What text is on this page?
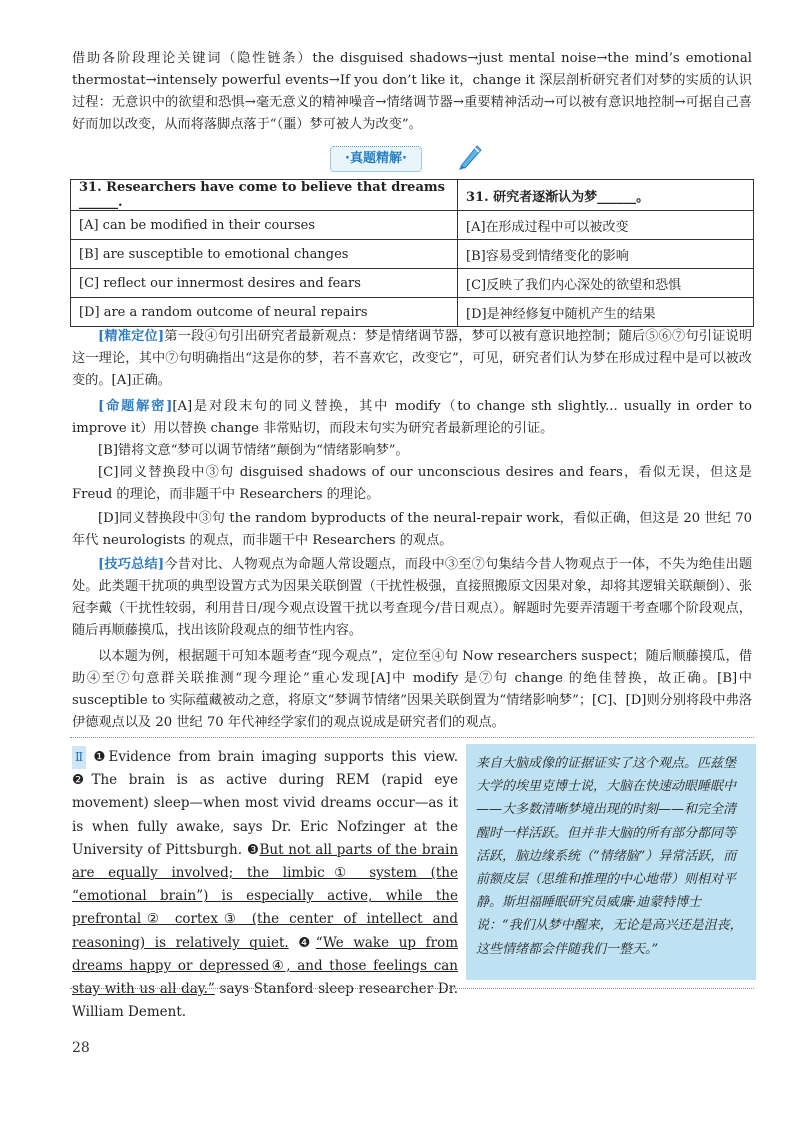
借助各阶段理论关键词（隐性链条）the disguised shadows→just mental noise→the mind’s emotional thermostat→intensely powerful events→If you don’t like it，change it 深层剖析研究者们对梦的实质的认识过程：无意识中的欲望和恐惧→毫无意义的精神噪音→情绪调节器→重要精神活动→可以被有意识地控制→可据自己喜好而加以改变，从而将落脚点落于“（噩）梦可被人为改变”。

·真题精解·
31. Researchers have come to believe that dreams ______.	31. 研究者逐渐认为梦______。
[A] can be modified in their courses	[A]在形成过程中可以被改变
[B] are susceptible to emotional changes	[B]容易受到情绪变化的影响
[C] reflect our innermost desires and fears	[C]反映了我们内心深处的欲望和恐惧
[D] are a random outcome of neural repairs	[D]是神经修复中随机产生的结果

[精准定位]第一段④句引出研究者最新观点：梦是情绪调节器，梦可以被有意识地控制；随后⑤⑥⑦句引证说明这一理论，其中⑦句明确指出“这是你的梦，若不喜欢它，改变它”，可见，研究者们认为梦在形成过程中是可以被改变的。[A]正确。

[命题解密][A]是对段末句的同义替换，其中 modify（to change sth slightly... usually in order to improve it）用以替换 change 非常贴切，而段末句实为研究者最新理论的引证。

[B]错将文意“梦可以调节情绪”颠倒为“情绪影响梦”。

[C]同义替换段中③句 disguised shadows of our unconscious desires and fears，看似无误，但这是 Freud 的理论，而非题干中 Researchers 的理论。

[D]同义替换段中③句 the random byproducts of the neural-repair work，看似正确，但这是 20 世纪 70 年代 neurologists 的观点，而非题干中 Researchers 的观点。

[技巧总结]今昔对比、人物观点为命题人常设题点，而段中③至⑦句集结今昔人物观点于一体，不失为绝佳出题处。此类题干扰项的典型设置方式为因果关联倒置（干扰性极强，直接照搬原文因果对象，却将其逻辑关联颠倒）、张冠李戴（干扰性较弱，利用昔日/现今观点设置干扰以考查现今/昔日观点）。解题时先要弄清题干考查哪个阶段观点，随后再顺藤摸瓜，找出该阶段观点的细节性内容。

以本题为例，根据题干可知本题考查“现今观点”，定位至④句 Now researchers suspect；随后顺藤摸瓜，借助④至⑦句意群关联推测“现今理论”重心发现[A]中 modify 是⑦句 change 的绝佳替换，故正确。[B]中 susceptible to 实际蕴藏被动之意，将原文“梦调节情绪”因果关联倒置为“情绪影响梦”；[C]、[D]则分别将段中弗洛伊德观点以及 20 世纪 70 年代神经学家们的观点说成是研究者们的观点。

Ⅱ ❶Evidence from brain imaging supports this view. ❷The brain is as active during REM (rapid eye movement) sleep—when most vivid dreams occur—as it is when fully awake, says Dr. Eric Nofzinger at the University of Pittsburgh. ❸But not all parts of the brain are equally involved; the limbic① system (the “emotional brain”) is especially active, while the prefrontal② cortex③ (the center of intellect and reasoning) is relatively quiet. ❹“We wake up from dreams happy or depressed④, and those feelings can stay with us all day.” says Stanford sleep researcher Dr. William Dement.
来自大脑成像的证据证实了这个观点。匹兹堡大学的埃里克博士说，大脑在快速动眼睡眠中——大多数清晰梦境出现的时刻——和完全清醒时一样活跃。但并非大脑的所有部分都同等活跃，脑边缘系统（“情绪脑”）异常活跃，而前额皮层（思维和推理的中心地带）则相对平静。斯坦福睡眠研究员威廉·迪蒙特博士说：“我们从梦中醒来，无论是高兴还是沮丧，这些情绪都会伴随我们一整天。”
28
